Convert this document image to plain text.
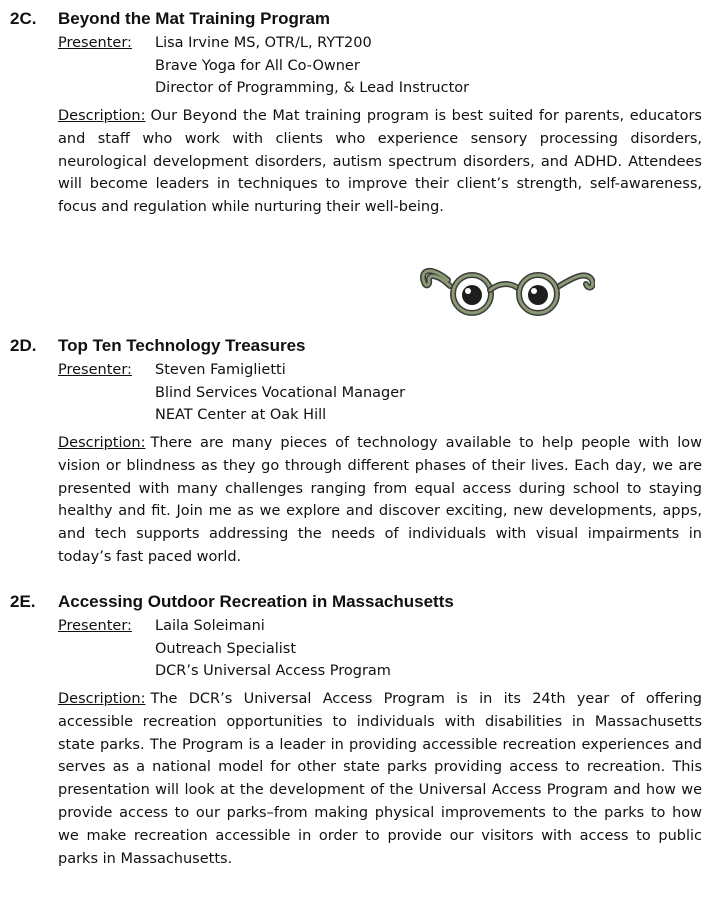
2C. Beyond the Mat Training Program
Presenter: Lisa Irvine MS, OTR/L, RYT200
Brave Yoga for All Co-Owner
Director of Programming, & Lead Instructor

Description: Our Beyond the Mat training program is best suited for parents, educators and staff who work with clients who experience sensory processing disorders, neurological development disorders, autism spectrum disorders, and ADHD. Attendees will become leaders in techniques to improve their client’s strength, self-awareness, focus and regulation while nurturing their well-being.

2D. Top Ten Technology Treasures
Presenter: Steven Famiglietti
Blind Services Vocational Manager
NEAT Center at Oak Hill

Description: There are many pieces of technology available to help people with low vision or blindness as they go through different phases of their lives. Each day, we are presented with many challenges ranging from equal access during school to staying healthy and fit. Join me as we explore and discover exciting, new developments, apps, and tech supports addressing the needs of individuals with visual impairments in today’s fast paced world.

2E. Accessing Outdoor Recreation in Massachusetts
Presenter: Laila Soleimani
Outreach Specialist
DCR’s Universal Access Program

Description: The DCR’s Universal Access Program is in its 24th year of offering accessible recreation opportunities to individuals with disabilities in Massachusetts state parks. The Program is a leader in providing accessible recreation experiences and serves as a national model for other state parks providing access to recreation. This presentation will look at the development of the Universal Access Program and how we provide access to our parks–from making physical improvements to the parks to how we make recreation accessible in order to provide our visitors with access to public parks in Massachusetts.
